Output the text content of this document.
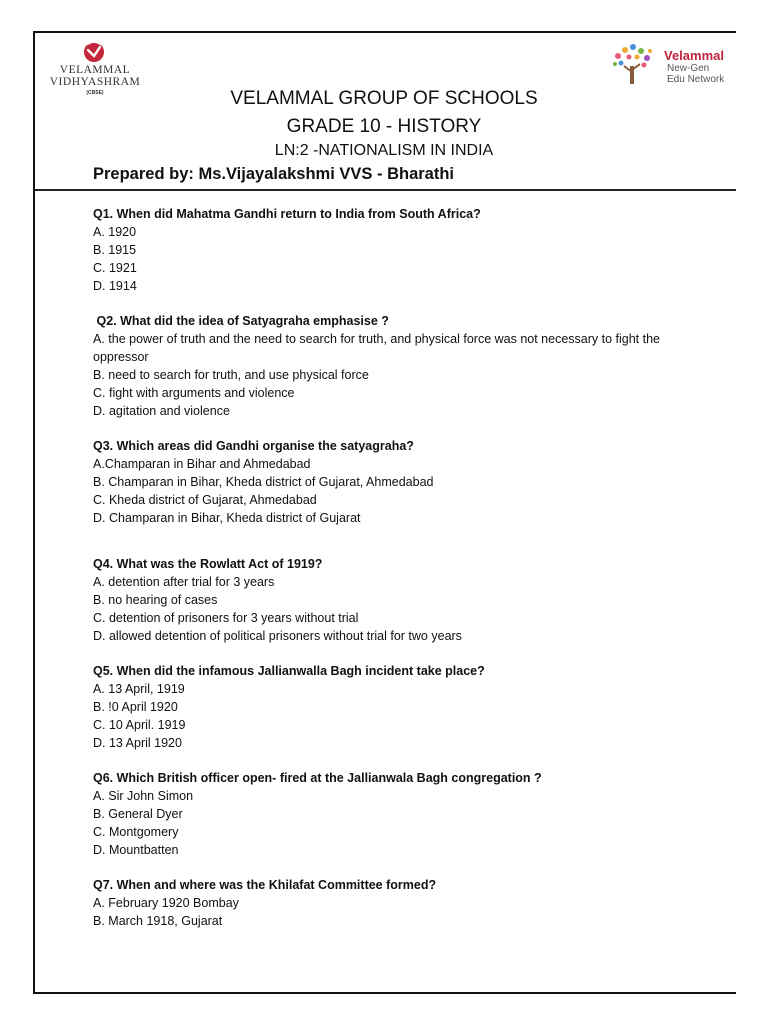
VELAMMAL
VIDHYASHRAM
(CBSE)
Velammal
New-Gen
Edu Network
VELAMMAL GROUP OF SCHOOLS
GRADE 10 - HISTORY
LN:2 -NATIONALISM IN INDIA
Prepared by: Ms.Vijayalakshmi VVS - Bharathi
Q1. When did Mahatma Gandhi return to India from South Africa?
A. 1920
B. 1915
C. 1921
D. 1914
Q2. What did the idea of Satyagraha emphasise ?
A. the power of truth and the need to search for truth, and physical force was not necessary to fight the oppressor
B. need to search for truth, and use physical force
C. fight with arguments and violence
D. agitation and violence
Q3. Which areas did Gandhi organise the satyagraha?
A.Champaran in Bihar and Ahmedabad
B. Champaran in Bihar, Kheda district of Gujarat, Ahmedabad
C. Kheda district of Gujarat, Ahmedabad
D. Champaran in Bihar, Kheda district of Gujarat
Q4. What was the Rowlatt Act of 1919?
A. detention after trial for 3 years
B. no hearing of cases
C. detention of prisoners for 3 years without trial
D. allowed detention of political prisoners without trial for two years
Q5. When did the infamous Jallianwalla Bagh incident take place?
A. 13 April, 1919
B. !0 April 1920
C. 10 April. 1919
D. 13 April 1920
Q6. Which British officer open- fired at the Jallianwala Bagh congregation ?
A. Sir John Simon
B. General Dyer
C. Montgomery
D. Mountbatten
Q7. When and where was the Khilafat Committee formed?
A. February 1920 Bombay
B. March 1918, Gujarat
